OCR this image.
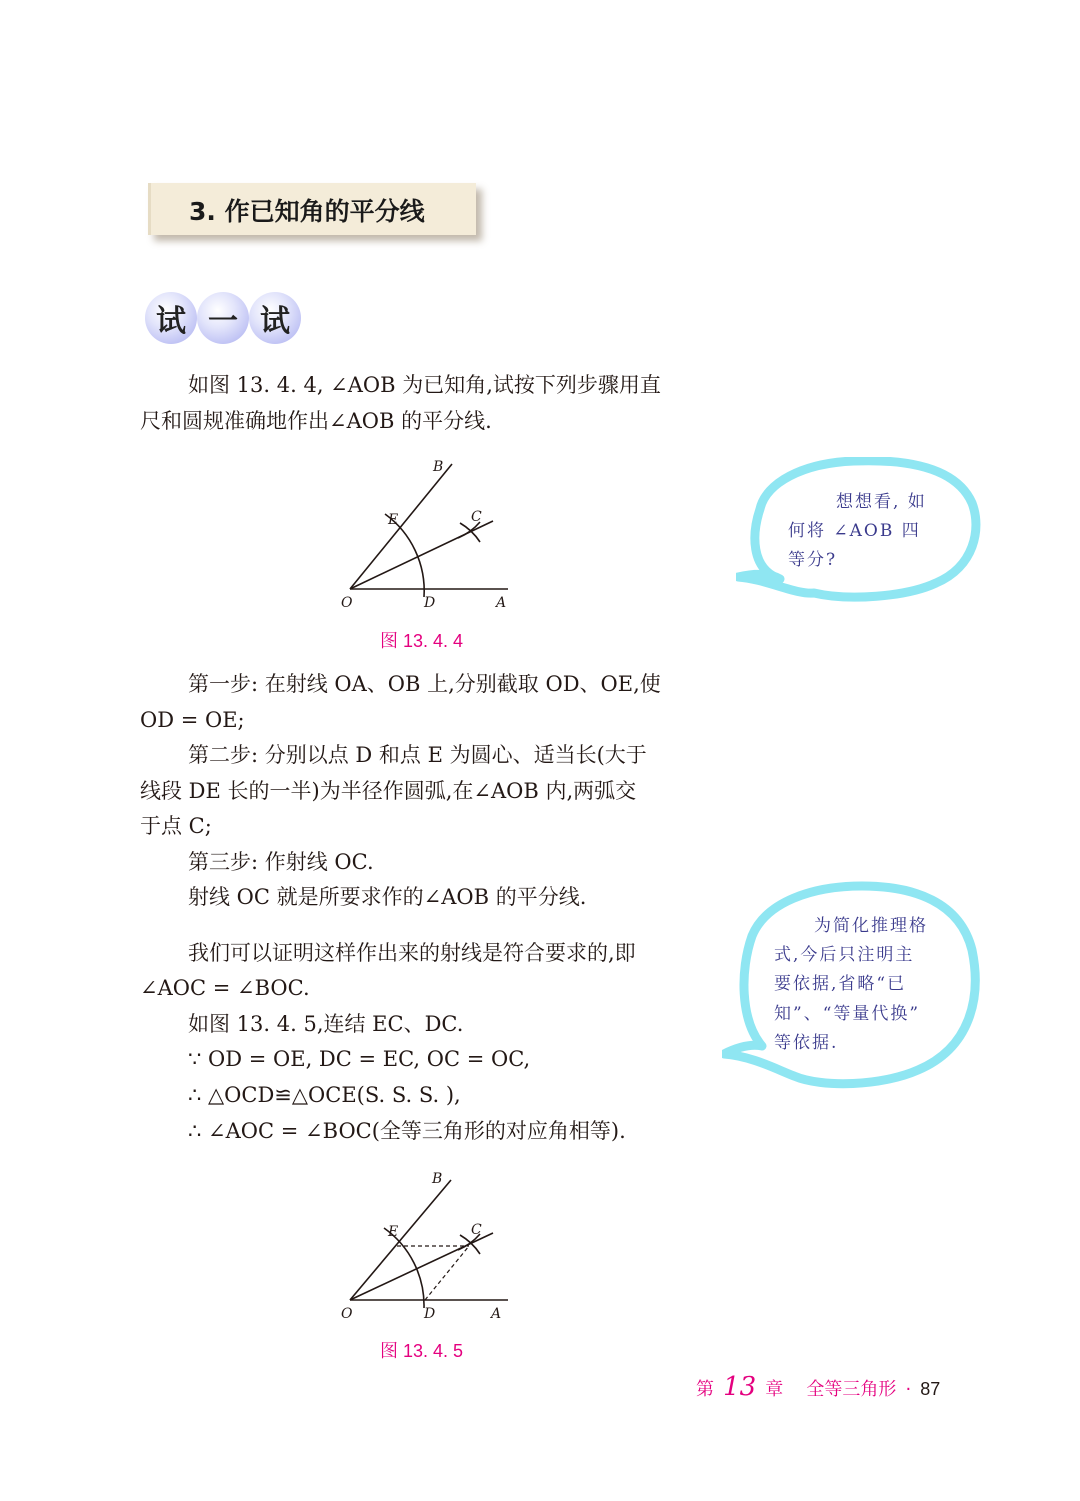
3. 作已知角的平分线
试 一 试
如图 13. 4. 4, ∠AOB 为已知角,试按下列步骤用直
尺和圆规准确地作出∠AOB 的平分线.
B
E	C
O	D	A
图 13. 4. 4
想想看, 如
何将 ∠AOB 四
等分?
第一步: 在射线 OA、OB 上,分别截取 OD、OE,使
OD = OE;
第二步: 分别以点 D 和点 E 为圆心、适当长(大于
线段 DE 长的一半)为半径作圆弧,在∠AOB 内,两弧交
于点 C;
第三步: 作射线 OC.
射线 OC 就是所要求作的∠AOB 的平分线.
我们可以证明这样作出来的射线是符合要求的,即
∠AOC = ∠BOC.
如图 13. 4. 5,连结 EC、DC.
∵ OD = OE, DC = EC, OC = OC,
∴ △OCD≌△OCE(S. S. S. ),
∴ ∠AOC = ∠BOC(全等三角形的对应角相等).
为简化推理格
式,今后只注明主
要依据,省略“已
知”、“等量代换”
等依据.
B
E	C
O	D	A
图 13. 4. 5
第 13 章 全等三角形 · 87
